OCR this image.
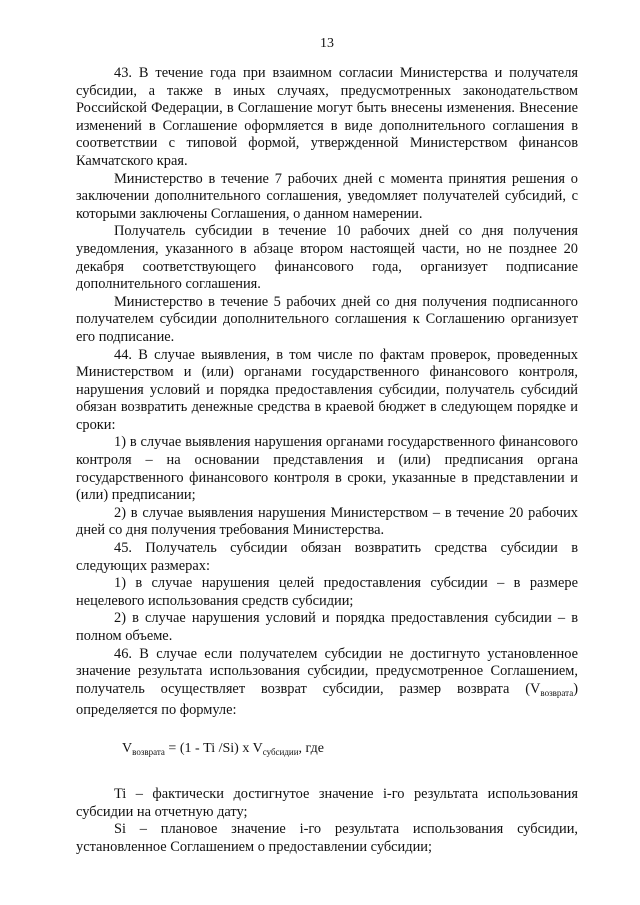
13

43. В течение года при взаимном согласии Министерства и получателя субсидии, а также в иных случаях, предусмотренных законодательством Российской Федерации, в Соглашение могут быть внесены изменения. Внесение изменений в Соглашение оформляется в виде дополнительного соглашения в соответствии с типовой формой, утвержденной Министерством финансов Камчатского края.

Министерство в течение 7 рабочих дней с момента принятия решения о заключении дополнительного соглашения, уведомляет получателей субсидий, с которыми заключены Соглашения, о данном намерении.

Получатель субсидии в течение 10 рабочих дней со дня получения уведомления, указанного в абзаце втором настоящей части, но не позднее 20 декабря соответствующего финансового года, организует подписание дополнительного соглашения.

Министерство в течение 5 рабочих дней со дня получения подписанного получателем субсидии дополнительного соглашения к Соглашению организует его подписание.

44. В случае выявления, в том числе по фактам проверок, проведенных Министерством и (или) органами государственного финансового контроля, нарушения условий и порядка предоставления субсидии, получатель субсидий обязан возвратить денежные средства в краевой бюджет в следующем порядке и сроки:

1) в случае выявления нарушения органами государственного финансового контроля – на основании представления и (или) предписания органа государственного финансового контроля в сроки, указанные в представлении и (или) предписании;

2) в случае выявления нарушения Министерством – в течение 20 рабочих дней со дня получения требования Министерства.

45. Получатель субсидии обязан возвратить средства субсидии в следующих размерах:

1) в случае нарушения целей предоставления субсидии – в размере нецелевого использования средств субсидии;

2) в случае нарушения условий и порядка предоставления субсидии – в полном объеме.

46. В случае если получателем субсидии не достигнуто установленное значение результата использования субсидии, предусмотренное Соглашением, получатель осуществляет возврат субсидии, размер возврата $(V_{возврата})$ определяется по формуле:

$V_{возврата} = (1 - Ti$ /Si) x $V_{субсидии}$, где

Ti – фактически достигнутое значение i-го результата использования субсидии на отчетную дату;

Si – плановое значение i-го результата использования субсидии, установленное Соглашением о предоставлении субсидии;
